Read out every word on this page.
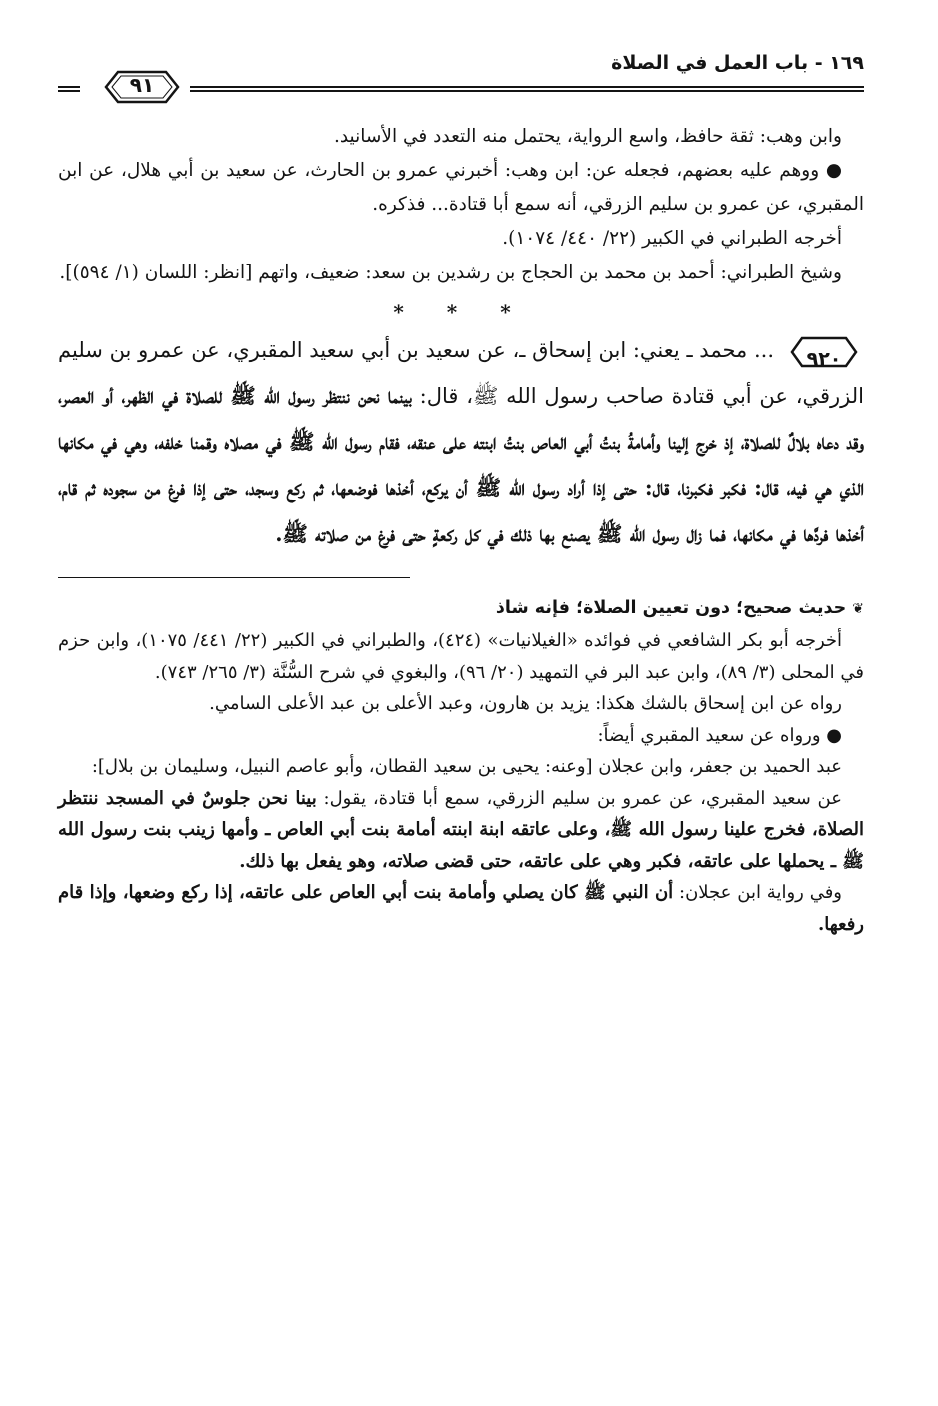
١٦٩ - باب العمل في الصلاة
٩١

وابن وهب: ثقة حافظ، واسع الرواية، يحتمل منه التعدد في الأسانيد.

● ووهم عليه بعضهم، فجعله عن: ابن وهب: أخبرني عمرو بن الحارث، عن سعيد بن أبي هلال، عن ابن المقبري، عن عمرو بن سليم الزرقي، أنه سمع أبا قتادة... فذكره.

أخرجه الطبراني في الكبير (٢٢/ ٤٤٠/ ١٠٧٤).

وشيخ الطبراني: أحمد بن محمد بن الحجاج بن رشدين بن سعد: ضعيف، واتهم [انظر: اللسان (١/ ٥٩٤)].

* * *

٩٢٠
... محمد ـ يعني: ابن إسحاق ـ، عن سعيد بن أبي سعيد المقبري، عن عمرو بن سليم الزرقي، عن أبي قتادة صاحب رسول الله ﷺ، قال: بينما نحن ننتظر رسول الله ﷺ للصلاة في الظهر، أو العصر، وقد دعاه بلالٌ للصلاة، إذ خرج إلينا وأمامةُ بنتُ أبي العاص بنتُ ابنته على عنقه، فقام رسول الله ﷺ في مصلاه وقمنا خلفه، وهي في مكانها الذي هي فيه، قال: فكبر فكبرنا، قال: حتى إذا أراد رسول الله ﷺ أن يركع، أخذها فوضعها، ثم ركع وسجد، حتى إذا فرغ من سجوده ثم قام، أخذها فردَّها في مكانها، فما زال رسول الله ﷺ يصنع بها ذلك في كل ركعةٍ حتى فرغ من صلاته ﷺ.

❦حديث صحيح؛ دون تعيين الصلاة؛ فإنه شاذ

أخرجه أبو بكر الشافعي في فوائده «الغيلانيات» (٤٢٤)، والطبراني في الكبير (٢٢/ ٤٤١/ ١٠٧٥)، وابن حزم في المحلى (٣/ ٨٩)، وابن عبد البر في التمهيد (٢٠/ ٩٦)، والبغوي في شرح السُّنَّة (٣/ ٢٦٥/ ٧٤٣).

رواه عن ابن إسحاق بالشك هكذا: يزيد بن هارون، وعبد الأعلى بن عبد الأعلى السامي.

● ورواه عن سعيد المقبري أيضاً:

عبد الحميد بن جعفر، وابن عجلان [وعنه: يحيى بن سعيد القطان، وأبو عاصم النبيل، وسليمان بن بلال]:

عن سعيد المقبري، عن عمرو بن سليم الزرقي، سمع أبا قتادة، يقول: بينا نحن جلوسٌ في المسجد ننتظر الصلاة، فخرج علينا رسول الله ﷺ، وعلى عاتقه ابنة ابنته أمامة بنت أبي العاص ـ وأمها زينب بنت رسول الله ﷺ ـ يحملها على عاتقه، فكبر وهي على عاتقه، حتى قضى صلاته، وهو يفعل بها ذلك.

وفي رواية ابن عجلان: أن النبي ﷺ كان يصلي وأمامة بنت أبي العاص على عاتقه، إذا ركع وضعها، وإذا قام رفعها.
